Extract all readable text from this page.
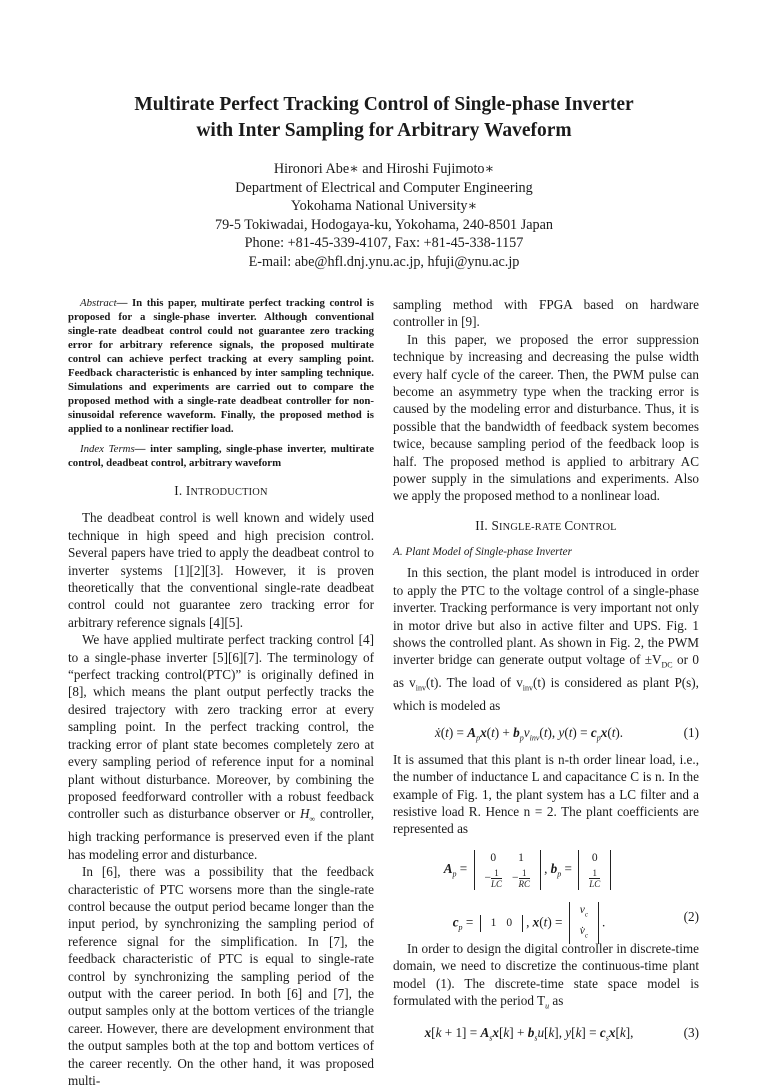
Multirate Perfect Tracking Control of Single-phase Inverter
with Inter Sampling for Arbitrary Waveform
Hironori Abe∗ and Hiroshi Fujimoto∗
Department of Electrical and Computer Engineering
Yokohama National University∗
79-5 Tokiwadai, Hodogaya-ku, Yokohama, 240-8501 Japan
Phone: +81-45-339-4107, Fax: +81-45-338-1157
E-mail: abe@hfl.dnj.ynu.ac.jp, hfuji@ynu.ac.jp

Abstract— In this paper, multirate perfect tracking control is proposed for a single-phase inverter. Although conventional single-rate deadbeat control could not guarantee zero tracking error for arbitrary reference signals, the proposed multirate control can achieve perfect tracking at every sampling point. Feedback characteristic is enhanced by inter sampling technique. Simulations and experiments are carried out to compare the proposed method with a single-rate deadbeat controller for non-sinusoidal reference waveform. Finally, the proposed method is applied to a nonlinear rectifier load.

Index Terms— inter sampling, single-phase inverter, multirate control, deadbeat control, arbitrary waveform

I. INTRODUCTION

The deadbeat control is well known and widely used technique in high speed and high precision control. Several papers have tried to apply the deadbeat control to inverter systems [1][2][3]. However, it is proven theoretically that the conventional single-rate deadbeat control could not guarantee zero tracking error for arbitrary reference signals [4][5].

We have applied multirate perfect tracking control [4] to a single-phase inverter [5][6][7]. The terminology of “perfect tracking control(PTC)” is originally defined in [8], which means the plant output perfectly tracks the desired trajectory with zero tracking error at every sampling point. In the perfect tracking control, the tracking error of plant state becomes completely zero at every sampling period of reference input for a nominal plant without disturbance. Moreover, by combining the proposed feedforward controller with a robust feedback controller such as disturbance observer or $H_\infty$ controller, high tracking performance is preserved even if the plant has modeling error and disturbance.

In [6], there was a possibility that the feedback characteristic of PTC worsens more than the single-rate control because the output period became longer than the input period, by synchronizing the sampling period of reference signal for the simplification. In [7], the feedback characteristic of PTC is equal to single-rate control by synchronizing the sampling period of the output with the career period. In both [6] and [7], the output samples only at the bottom vertices of the triangle career. However, there are development environment that the output samples both at the top and bottom vertices of the career recently. On the other hand, it was proposed multi-

sampling method with FPGA based on hardware controller in [9].

In this paper, we proposed the error suppression technique by increasing and decreasing the pulse width every half cycle of the career. Then, the PWM pulse can become an asymmetry type when the tracking error is caused by the modeling error and disturbance. Thus, it is possible that the bandwidth of feedback system becomes twice, because sampling period of the feedback loop is half. The proposed method is applied to arbitrary AC power supply in the simulations and experiments. Also we apply the proposed method to a nonlinear load.

II. SINGLE-RATE CONTROL
A. Plant Model of Single-phase Inverter

In this section, the plant model is introduced in order to apply the PTC to the voltage control of a single-phase inverter. Tracking performance is very important not only in motor drive but also in active filter and UPS. Fig. 1 shows the controlled plant. As shown in Fig. 2, the PWM inverter bridge can generate output voltage of $\pm V_{DC}$ or 0 as $v_{inv}(t)$. The load of $v_{inv}(t)$ is considered as plant P(s), which is modeled as

ẋ(t) = $A_px(t) + b_pv_{inv}(t)$, $y(t) = c_px(t)$.	(1)

It is assumed that this plant is n-th order linear load, i.e., the number of inductance L and capacitance C is n. In the example of Fig. 1, the plant system has a LC filter and a resistive load R. Hence n = 2. The plant coefficients are represented as

$A_p$ =
0	1
− $\frac{1}{LC}$	− $\frac{1}{RC}$ , $b_p$ =
0

$\frac{1}{LC}$
$c_p = 1$	0 , x(t) =
$v_c$
$v̇_c$
.	(2)

In order to design the digital controller in discrete-time domain, we need to discretize the continuous-time plant model (1). The discrete-time state space model is formulated with the period $T_u$ as

$x[k + 1] = A_sx[k] + b_su[k]$, $y[k] = c_sx[k]$,	(3)
